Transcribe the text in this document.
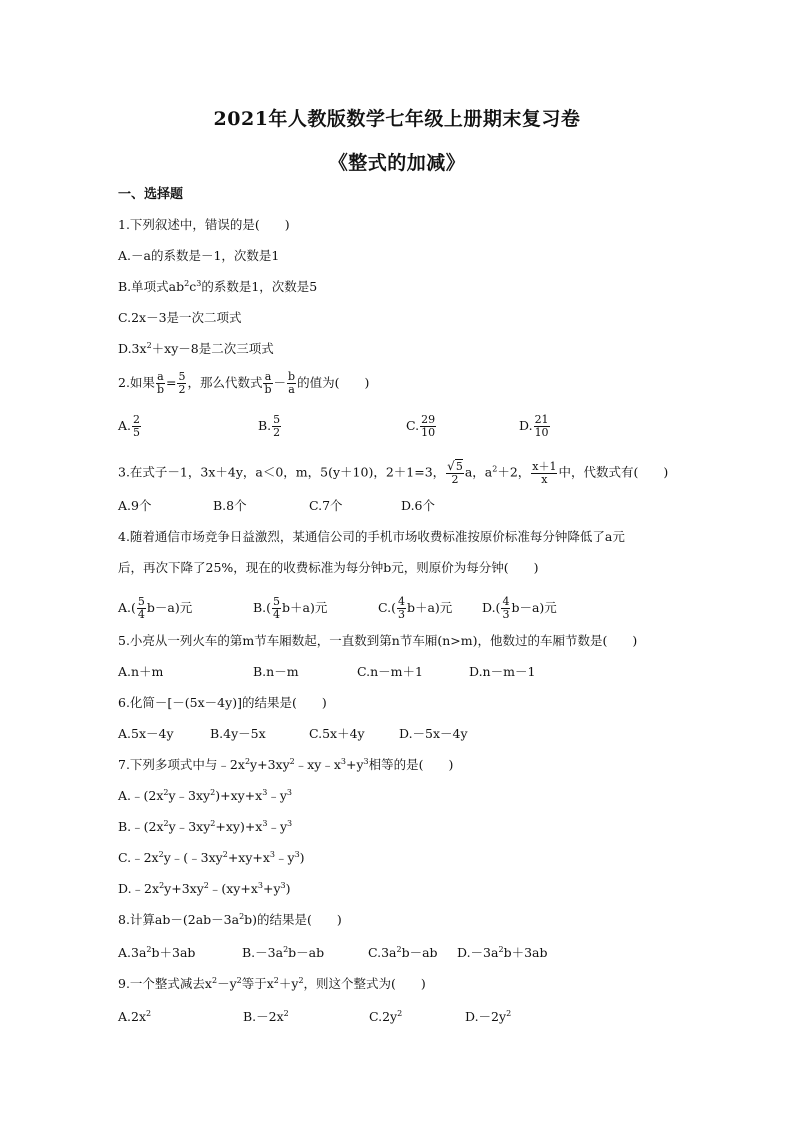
2021年人教版数学七年级上册期末复习卷
《整式的加减》
一、选择题
1.下列叙述中，错误的是(　　)
A.－a的系数是－1，次数是1
B.单项式$ab^2c^3$的系数是1，次数是5
C.2x－3是一次二项式
$D.3x^2+xy-8$是二次三项式
2.如果 $\frac{a}{b} = \frac{5}{2}$ ，那么代数式 $\frac{a}{b} - \frac{b}{a}$ 的值为(　　)
A. $\frac{2}{5}$	B. $\frac{5}{2}$	C. $\frac{29}{10}$	D. $\frac{21}{10}$
3.在式子－1，3x＋4y，a＜0，m，5(y＋10)，2＋1=3， $\frac{√5}{2}$ a，$a^2+2$， $\frac{x+1}{x}$ 中，代数式有(　　)
A.9个	B.8个	C.7个	D.6个
4.随着通信市场竞争日益激烈，某通信公司的手机市场收费标准按原价标准每分钟降低了a元
后，再次下降了25%，现在的收费标准为每分钟b元，则原价为每分钟(　　)
$A.( \frac{5}{4} b-a)$元	$B.( \frac{5}{4} b+a)$元	$C.( \frac{4}{3} b+a)$元 $D.( \frac{4}{3} b-a)$元
5.小亮从一列火车的第m节车厢数起，一直数到第n节车厢(n>m)，他数过的车厢节数是(　　)
A.n＋m	B.n－m	C.n－m＋1	D.n－m－1
6.化简－[－(5x－4y)]的结果是(　　)
A.5x－4y	B.4y－5x	C.5x＋4y	D.－5x－4y
7.下列多项式中与$﹣2x^2y+3xy^2﹣xy﹣x^3+y^3$相等的是(　　)
$A.﹣(2x^2y﹣3xy^2)+xy+x^3﹣y^3$
$B.﹣(2x^2y﹣3xy^2+xy)+x^3﹣y^3$
$C.﹣2x^2y﹣(﹣3xy^2+xy+x^3﹣y^3)$
$D.﹣2x^2y+3xy^2﹣(xy+x^3+y^3)$
8.计算$ab-(2ab-3a^2b)$的结果是(　　)
$A.3a^2b+3ab$	$B.-3a^2b-ab$	$C.3a^2b-ab$ $D.-3a^2b+3ab$
9.一个整式减去$x^2-y^2$等于$x^2+y^2$，则这个整式为(　　)
$A.2x^2$	$B.-2x^2$	$C.2y^2$	$D.-2y^2$
